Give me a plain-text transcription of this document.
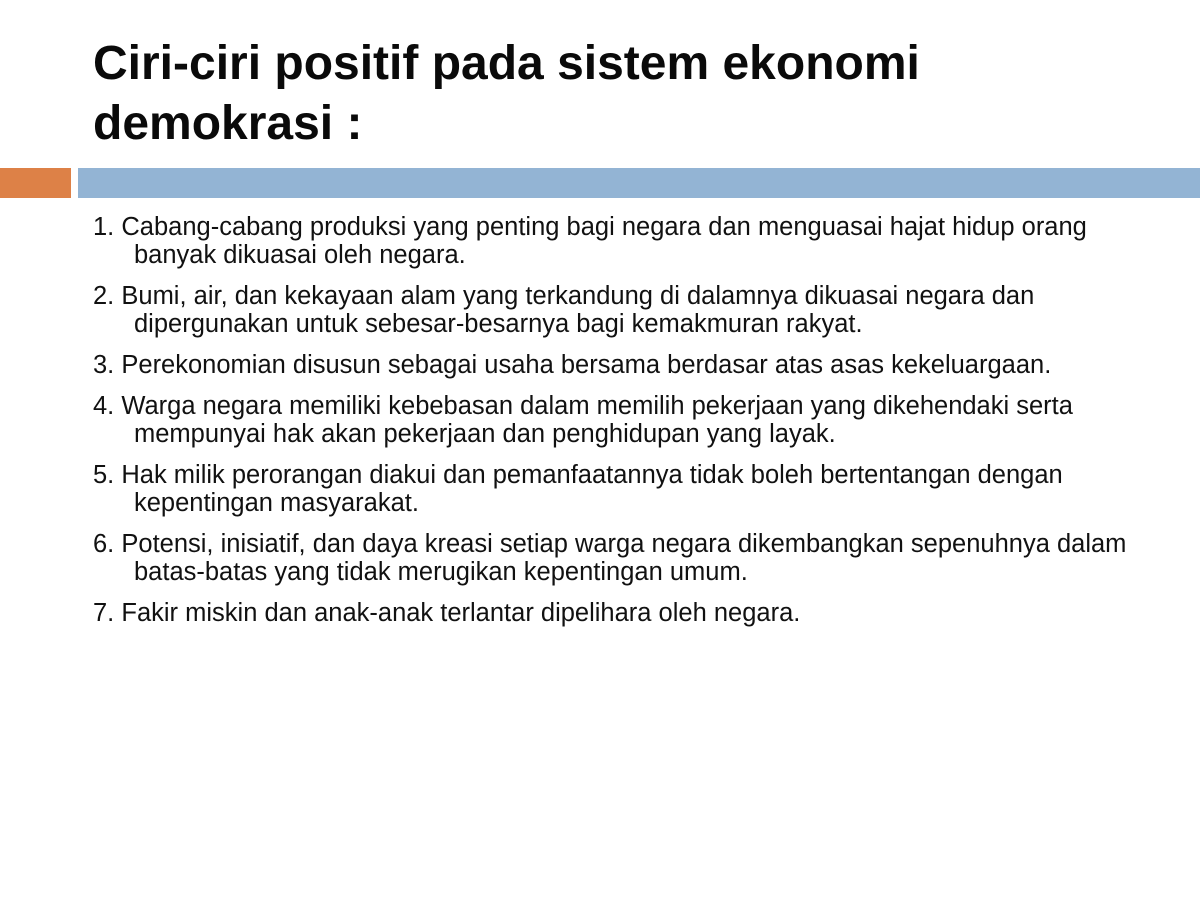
Ciri-ciri positif pada sistem ekonomi demokrasi :
1. Cabang-cabang produksi yang penting bagi negara dan menguasai hajat hidup orang banyak dikuasai oleh negara.
2. Bumi, air, dan kekayaan alam yang terkandung di dalamnya dikuasai negara dan dipergunakan untuk sebesar-besarnya bagi kemakmuran rakyat.
3. Perekonomian disusun sebagai usaha bersama berdasar atas asas kekeluargaan.
4. Warga negara memiliki kebebasan dalam memilih pekerjaan yang dikehendaki serta mempunyai hak akan pekerjaan dan penghidupan yang layak.
5. Hak milik perorangan diakui dan pemanfaatannya tidak boleh bertentangan dengan kepentingan masyarakat.
6. Potensi, inisiatif, dan daya kreasi setiap warga negara dikembangkan sepenuhnya dalam batas-batas yang tidak merugikan kepentingan umum.
7. Fakir miskin dan anak-anak terlantar dipelihara oleh negara.
